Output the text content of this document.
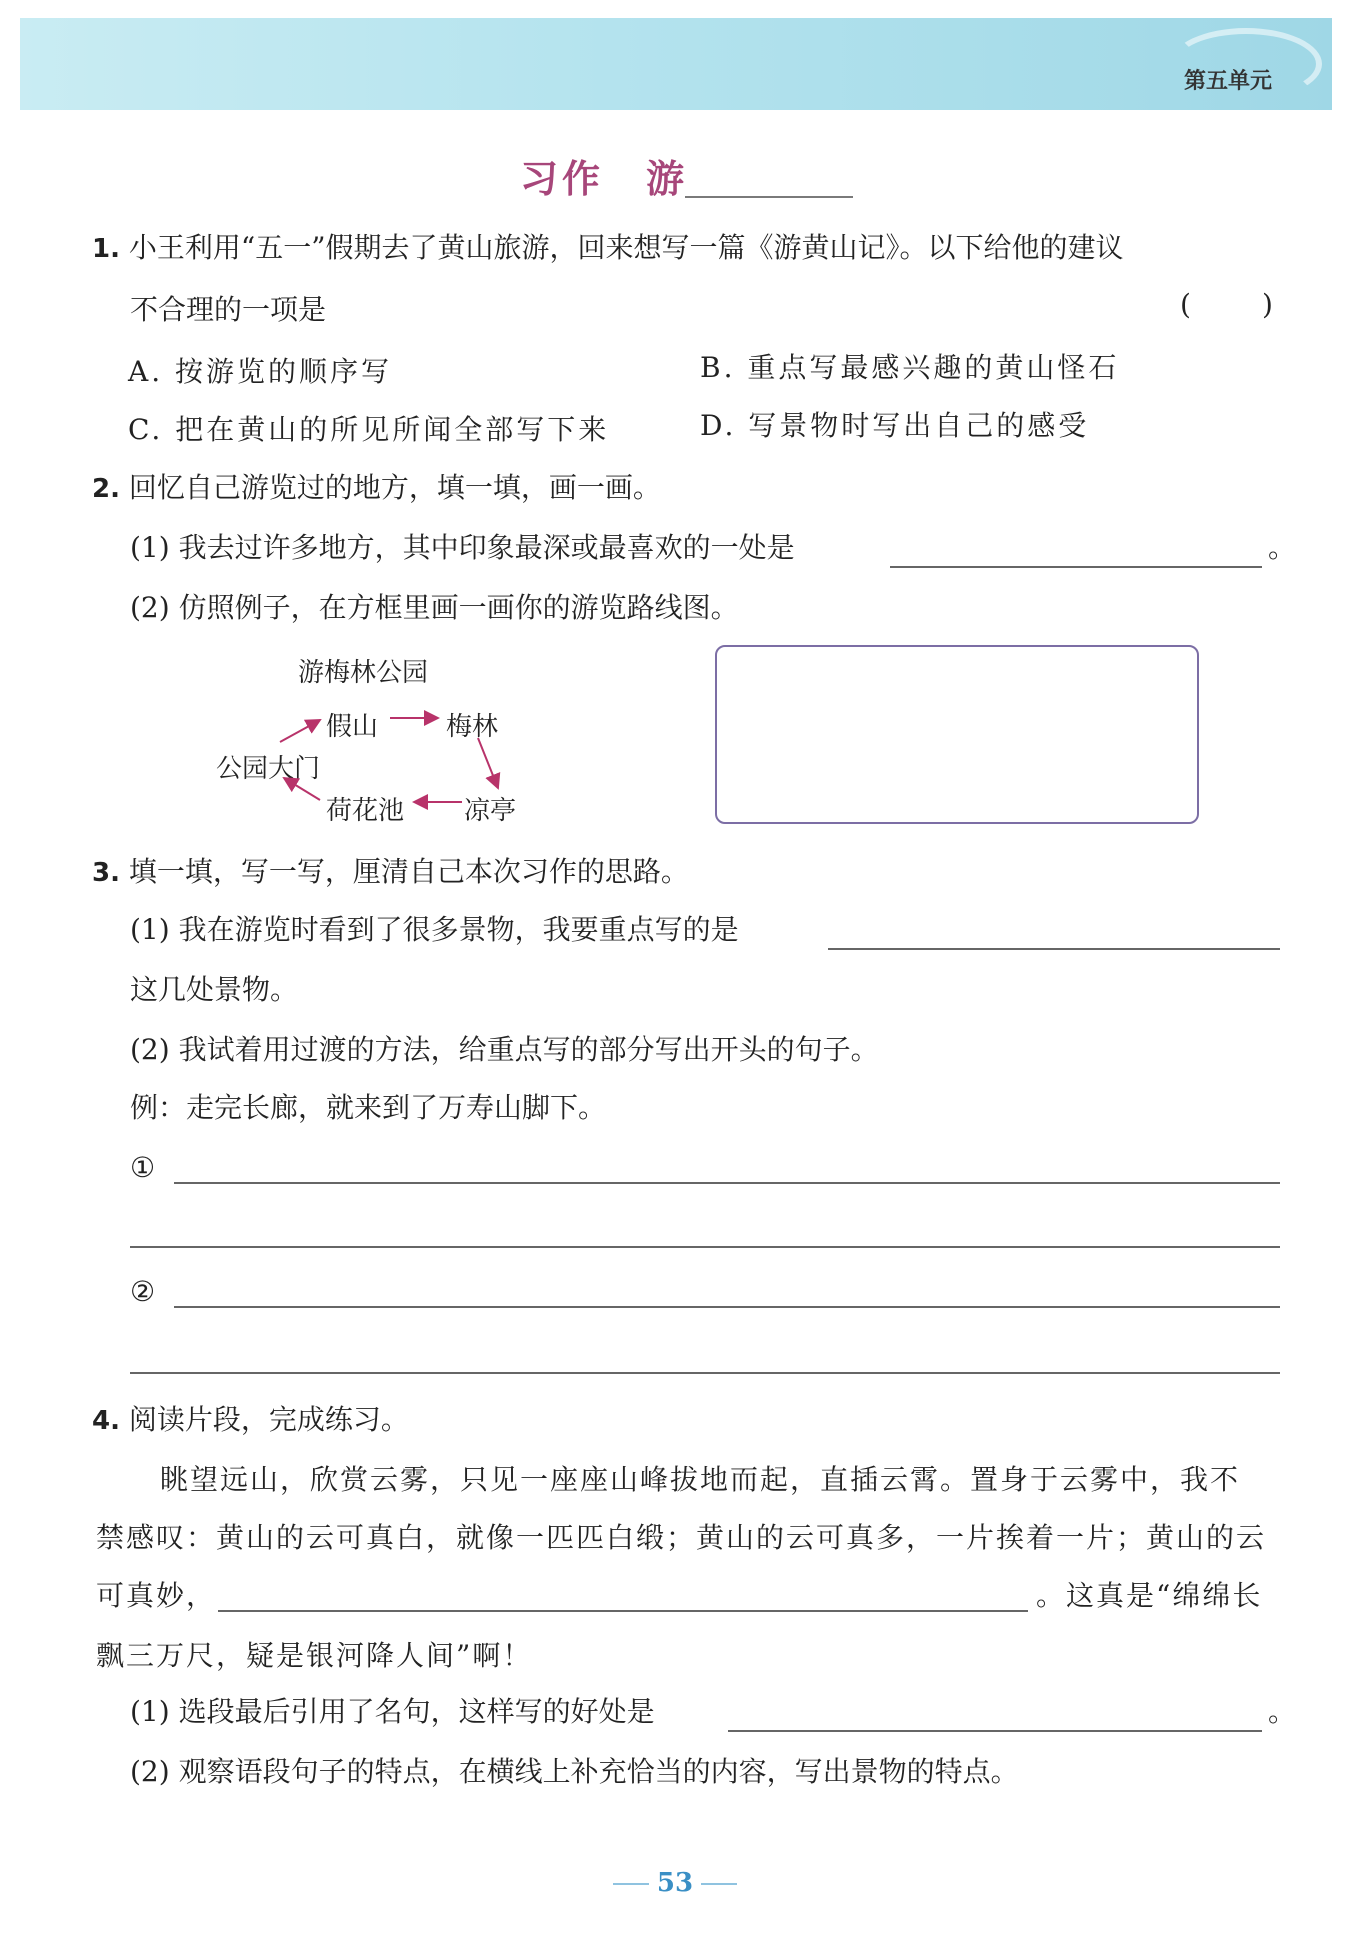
第五单元
习作　游
1. 小王利用“五一”假期去了黄山旅游，回来想写一篇《游黄山记》。以下给他的建议
不合理的一项是	(	)
A. 按游览的顺序写	B. 重点写最感兴趣的黄山怪石
C. 把在黄山的所见所闻全部写下来	D. 写景物时写出自己的感受
2. 回忆自己游览过的地方，填一填，画一画。
(1) 我去过许多地方，其中印象最深或最喜欢的一处是	。
(2) 仿照例子，在方框里画一画你的游览路线图。
游梅林公园
假山	梅林
公园大门
荷花池 凉亭
3. 填一填，写一写，厘清自己本次习作的思路。
(1) 我在游览时看到了很多景物，我要重点写的是
这几处景物。
(2) 我试着用过渡的方法，给重点写的部分写出开头的句子。
例：走完长廊，就来到了万寿山脚下。
①
②
4. 阅读片段，完成练习。
眺望远山，欣赏云雾，只见一座座山峰拔地而起，直插云霄。置身于云雾中，我不
禁感叹：黄山的云可真白，就像一匹匹白缎；黄山的云可真多，一片挨着一片；黄山的云
可真妙，	。这真是“绵绵长
飘三万尺，疑是银河降人间”啊！
(1) 选段最后引用了名句，这样写的好处是	。
(2) 观察语段句子的特点，在横线上补充恰当的内容，写出景物的特点。
53
